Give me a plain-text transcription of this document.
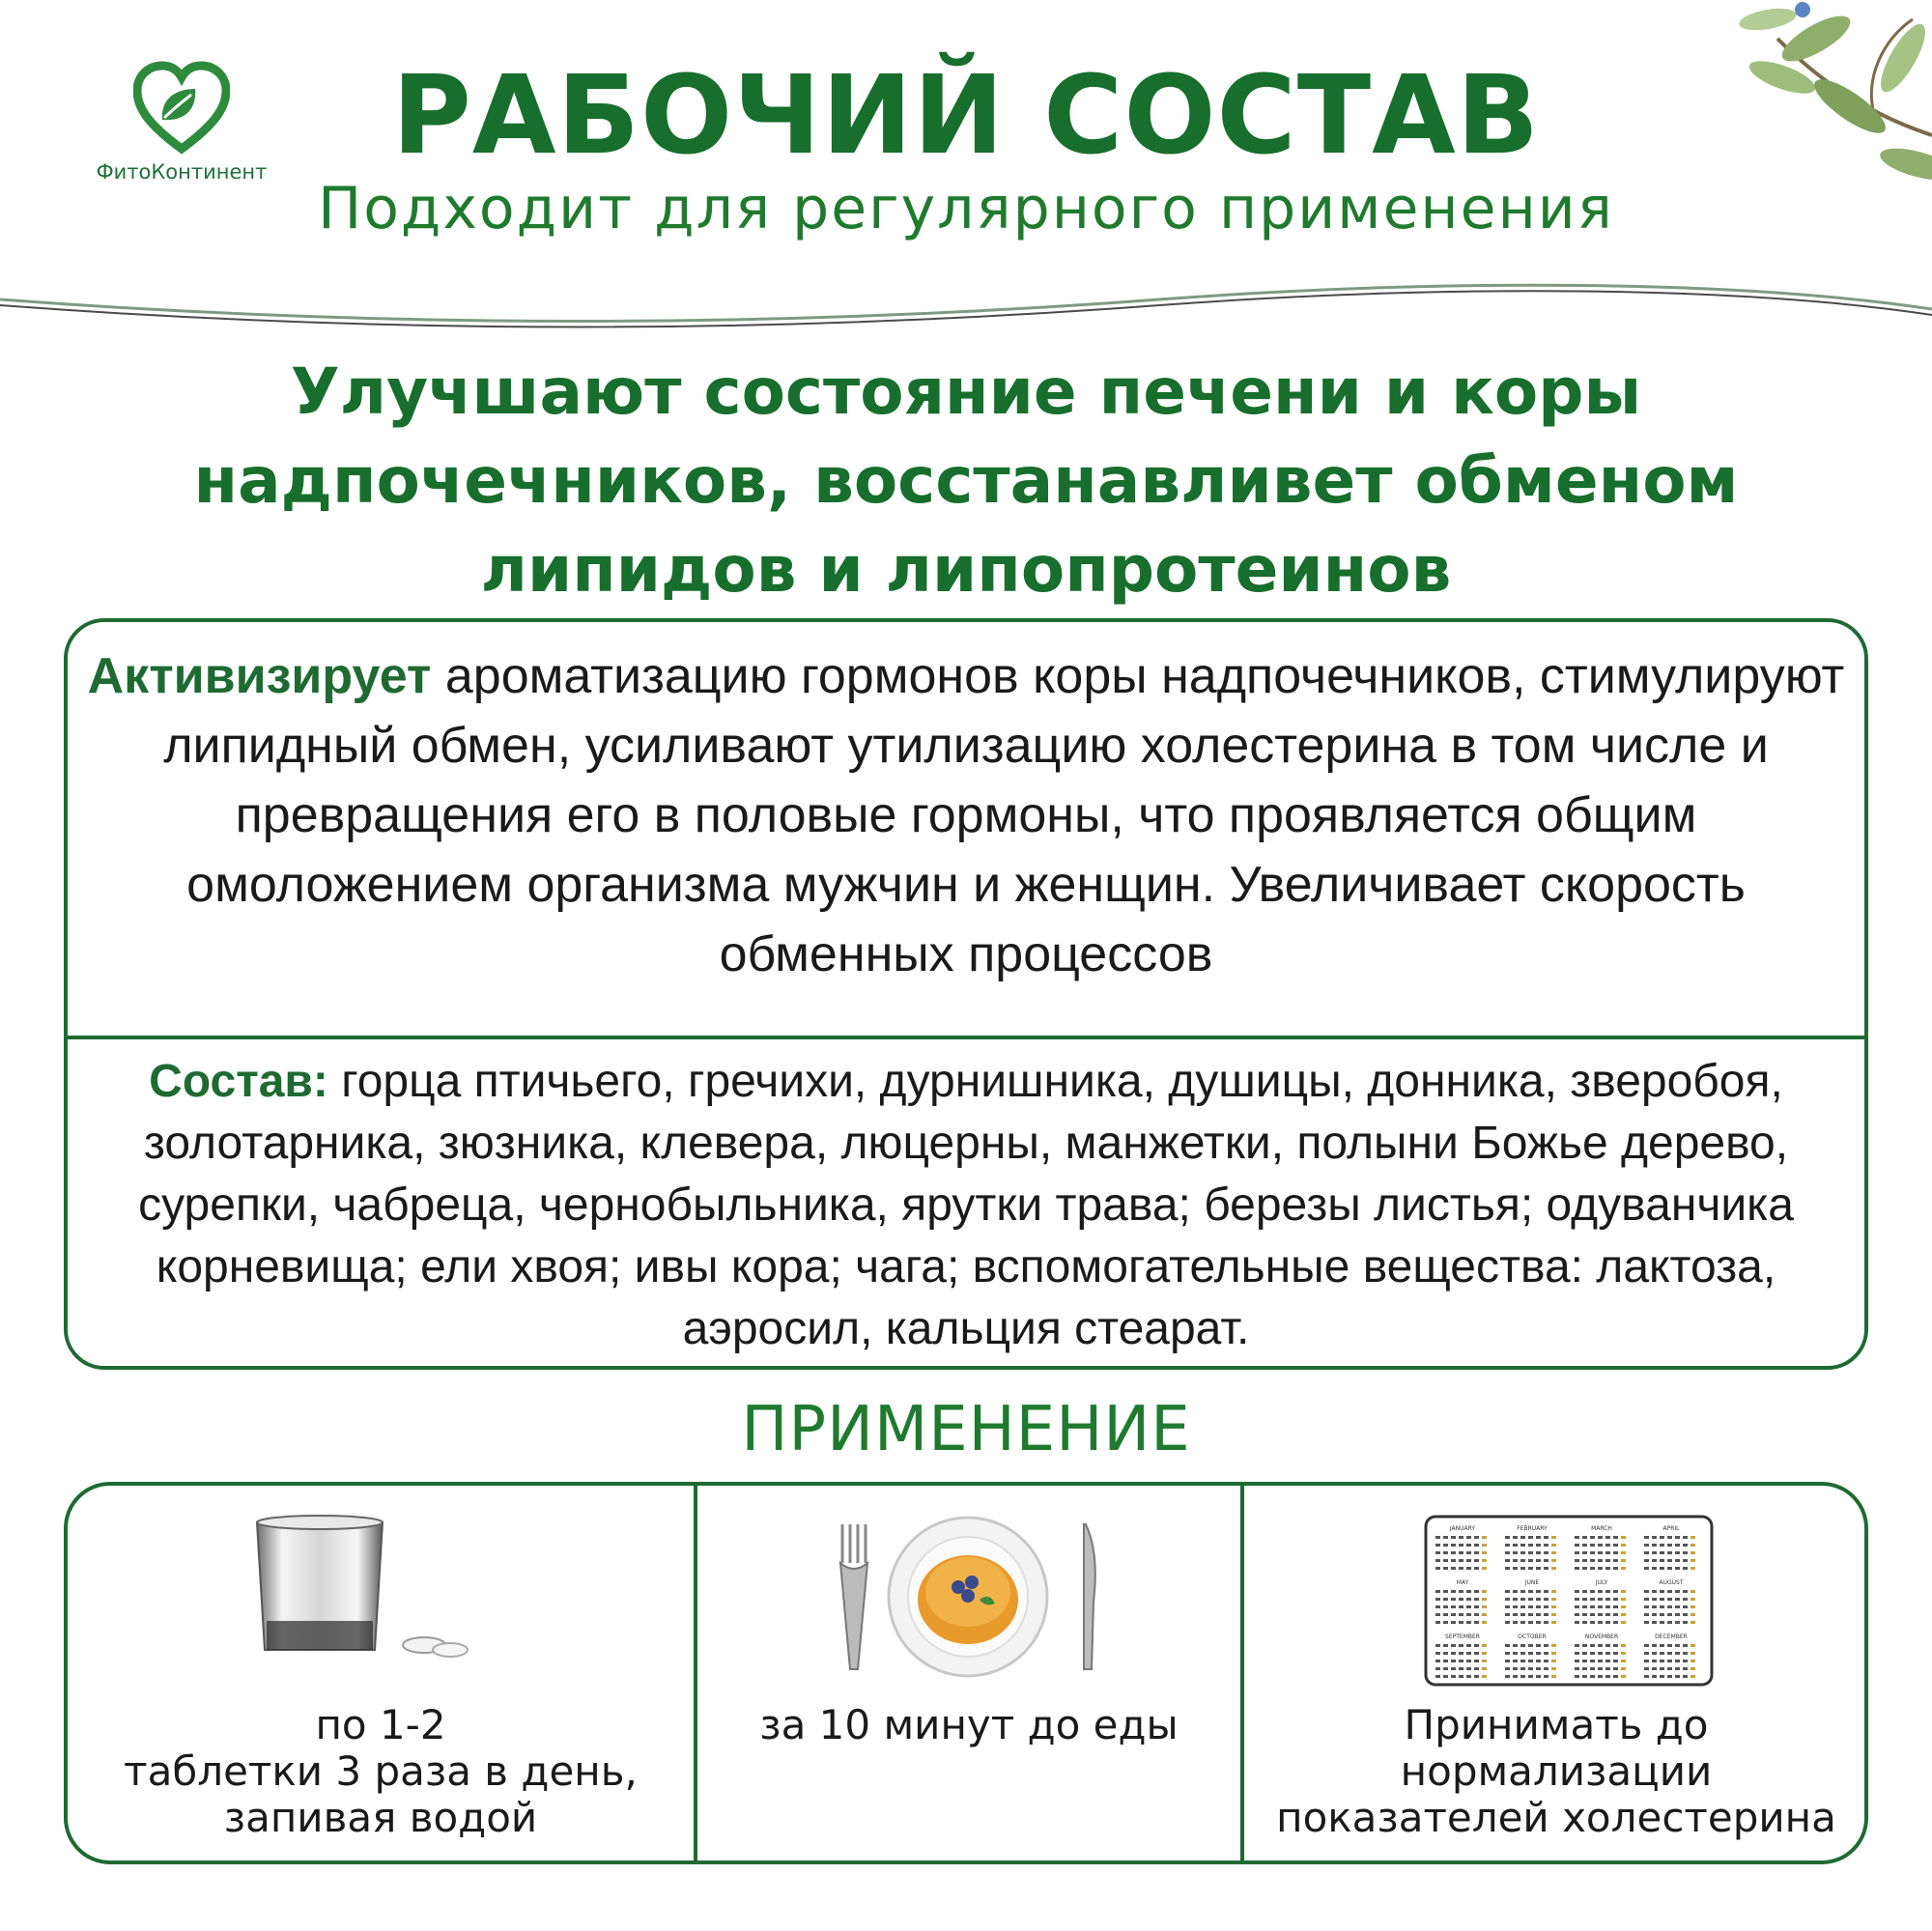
ФитоКонтинент	РАБОЧИЙ СОСТАВ
Подходит для регулярного применения
Улучшают состояние печени и коры
надпочечников, восстанавливет обменом
липидов и липопротеинов
Активизирует ароматизацию гормонов коры надпочечников, стимулируют липидный обмен, усиливают утилизацию холестерина в том числе и превращения его в половые гормоны, что проявляется общим омоложением организма мужчин и женщин. Увеличивает скорость обменных процессов
Состав: горца птичьего, гречихи, дурнишника, душицы, донника, зверобоя, золотарника, зюзника, клевера, люцерны, манжетки, полыни Божье дерево, сурепки, чабреца, чернобыльника, ярутки трава; березы листья; одуванчика корневища; ели хвоя; ивы кора; чага; вспомогательные вещества: лактоза, аэросил, кальция стеарат.
ПРИМЕНЕНИЕ
по 1-2
таблетки 3 раза в день,
запивая водой
за 10 минут до еды
JANUARY	FEBRUARY	MARCH	APRIL
MAY	JUNE	JULY	AUGUST
SEPTEMBER	OCTOBER	NOVEMBER	DECEMBER
Принимать до
нормализации
показателей холестерина
